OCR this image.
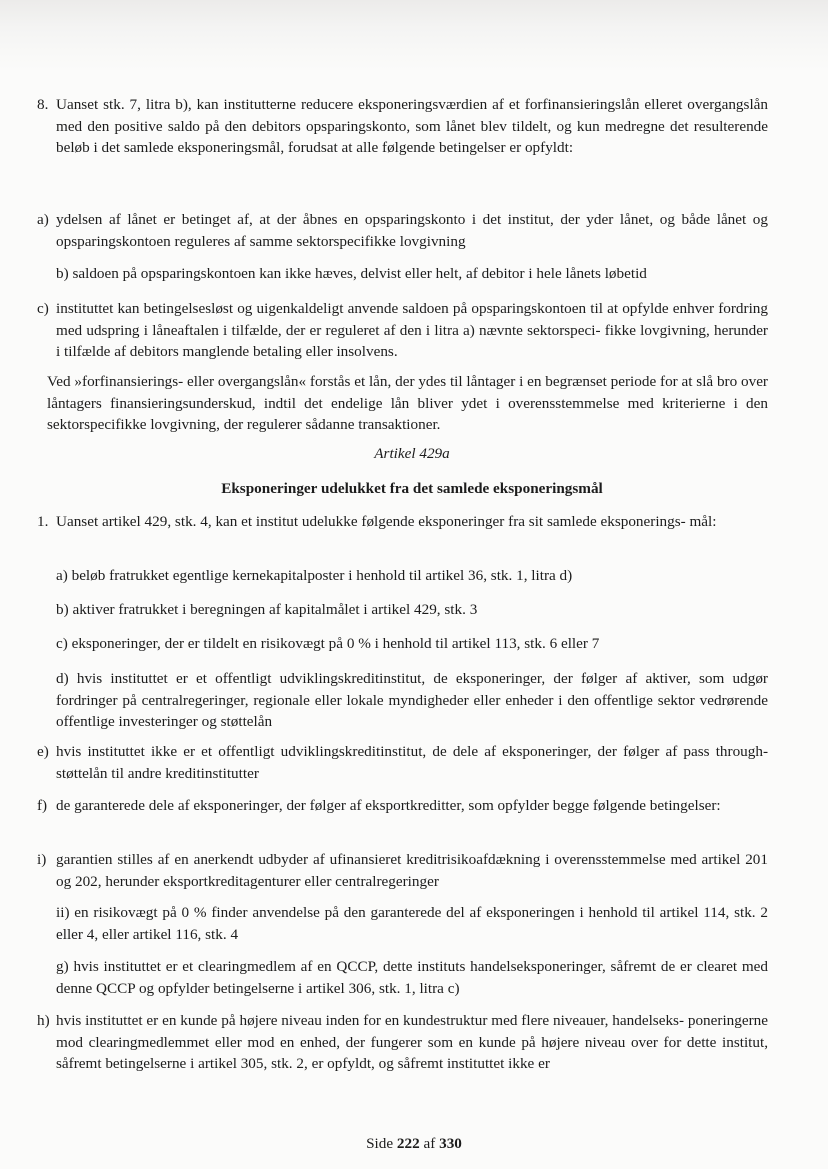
8. Uanset stk. 7, litra b), kan institutterne reducere eksponeringsværdien af et forfinansieringslån elleret overgangslån med den positive saldo på den debitors opsparingskonto, som lånet blev tildelt, og kun medregne det resulterende beløb i det samlede eksponeringsmål, forudsat at alle følgende betingelser er opfyldt:
a) ydelsen af lånet er betinget af, at der åbnes en opsparingskonto i det institut, der yder lånet, og både lånet og opsparingskontoen reguleres af samme sektorspecifikke lovgivning
b) saldoen på opsparingskontoen kan ikke hæves, delvist eller helt, af debitor i hele lånets løbetid
c) instituttet kan betingelsesløst og uigenkaldeligt anvende saldoen på opsparingskontoen til at opfylde enhver fordring med udspring i låneaftalen i tilfælde, der er reguleret af den i litra a) nævnte sektorspeci- fikke lovgivning, herunder i tilfælde af debitors manglende betaling eller insolvens.
Ved »forfinansierings- eller overgangslån« forstås et lån, der ydes til låntager i en begrænset periode for at slå bro over låntagers finansieringsunderskud, indtil det endelige lån bliver ydet i overensstemmelse med kriterierne i den sektorspecifikke lovgivning, der regulerer sådanne transaktioner.
Artikel 429a
Eksponeringer udelukket fra det samlede eksponeringsmål
1. Uanset artikel 429, stk. 4, kan et institut udelukke følgende eksponeringer fra sit samlede eksponerings- mål:
a) beløb fratrukket egentlige kernekapitalposter i henhold til artikel 36, stk. 1, litra d)
b) aktiver fratrukket i beregningen af kapitalmålet i artikel 429, stk. 3
c) eksponeringer, der er tildelt en risikovægt på 0 % i henhold til artikel 113, stk. 6 eller 7
d) hvis instituttet er et offentligt udviklingskreditinstitut, de eksponeringer, der følger af aktiver, som udgør fordringer på centralregeringer, regionale eller lokale myndigheder eller enheder i den offentlige sektor vedrørende offentlige investeringer og støttelån
e) hvis instituttet ikke er et offentligt udviklingskreditinstitut, de dele af eksponeringer, der følger af pass through-støttelån til andre kreditinstitutter
f) de garanterede dele af eksponeringer, der følger af eksportkreditter, som opfylder begge følgende betingelser:
i) garantien stilles af en anerkendt udbyder af ufinansieret kreditrisikoafdækning i overensstemmelse med artikel 201 og 202, herunder eksportkreditagenturer eller centralregeringer
ii) en risikovægt på 0 % finder anvendelse på den garanterede del af eksponeringen i henhold til artikel 114, stk. 2 eller 4, eller artikel 116, stk. 4
g) hvis instituttet er et clearingmedlem af en QCCP, dette instituts handelseksponeringer, såfremt de er clearet med denne QCCP og opfylder betingelserne i artikel 306, stk. 1, litra c)
h) hvis instituttet er en kunde på højere niveau inden for en kundestruktur med flere niveauer, handelseks- poneringerne mod clearingmedlemmet eller mod en enhed, der fungerer som en kunde på højere niveau over for dette institut, såfremt betingelserne i artikel 305, stk. 2, er opfyldt, og såfremt instituttet ikke er
Side 222 af 330
